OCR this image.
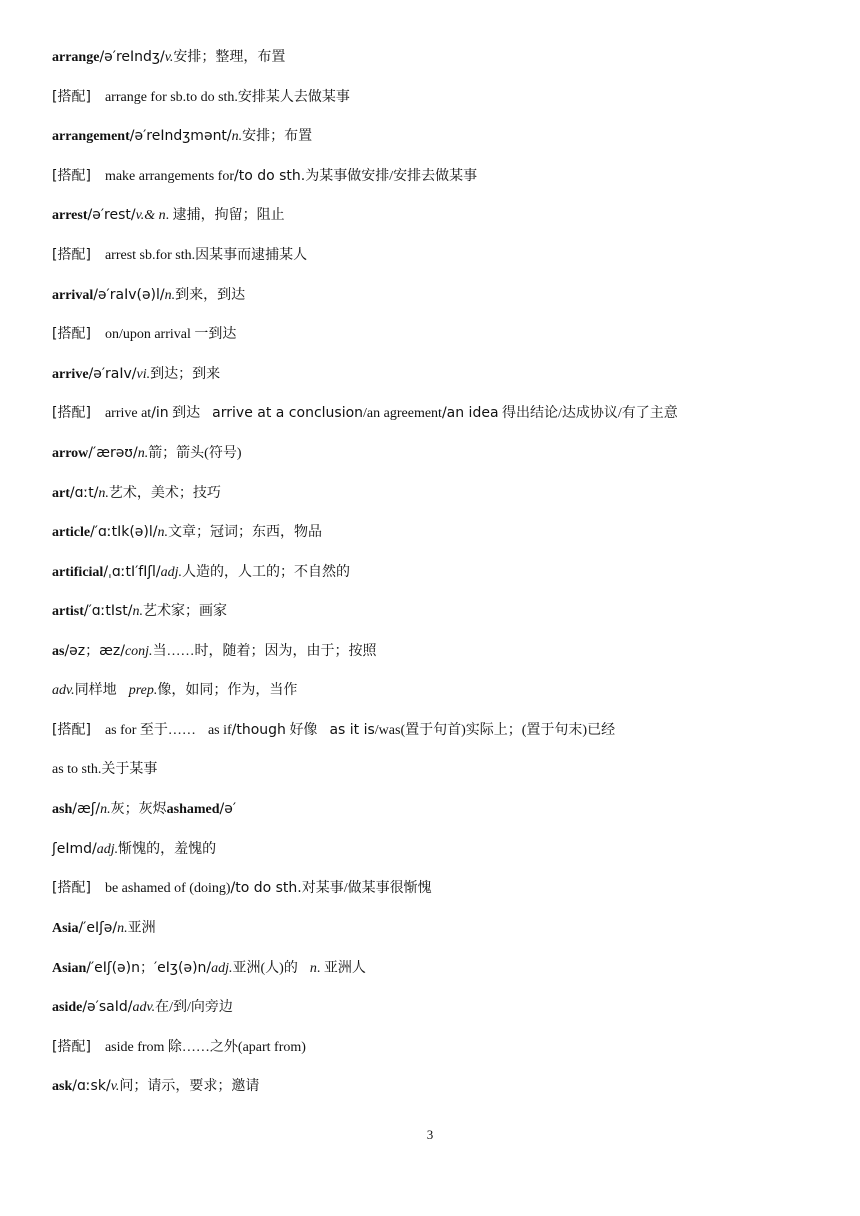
arrange/ə′reIndʒ/v.安排；整理，布置
[搭配] arrange for sb.to do sth.安排某人去做某事
arrangement/ə′reIndʒmənt/n.安排；布置
[搭配] make arrangements for/to do sth.为某事做安排/安排去做某事
arrest/ə′rest/v.& n. 逮捕，拘留；阻止
[搭配] arrest sb.for sth.因某事而逮捕某人
arrival/ə′raIv(ə)l/n.到来，到达
[搭配] on/upon arrival 一到达
arrive/ə′raIv/vi.到达；到来
[搭配] arrive at/in 到达 arrive at a conclusion/an agreement/an idea 得出结论/达成协议/有了主意
arrow/′ærəʊ/n.箭；箭头(符号)
art/ɑːt/n.艺术，美术；技巧
article/′ɑːtIk(ə)l/n.文章；冠词；东西，物品
artificial/ˌɑːtI′fIʃl/adj.人造的，人工的；不自然的
artist/′ɑːtIst/n.艺术家；画家
as/əz；æz/conj.当……时，随着；因为，由于；按照
adv.同样地 prep.像，如同；作为，当作
[搭配] as for 至于…… as if/though 好像 as it is/was(置于句首)实际上；(置于句末)已经
as to sth.关于某事
ash/æʃ/n.灰；灰烬ashamed/ə′
ʃeImd/adj.惭愧的，羞愧的
[搭配] be ashamed of (doing)/to do sth.对某事/做某事很惭愧
Asia/′eIʃə/n.亚洲
Asian/′eIʃ(ə)n；′eIʒ(ə)n/adj.亚洲(人)的 n. 亚洲人
aside/ə′saId/adv.在/到/向旁边
[搭配] aside from 除……之外(apart from)
ask/ɑːsk/v.问；请示，要求；邀请
3
